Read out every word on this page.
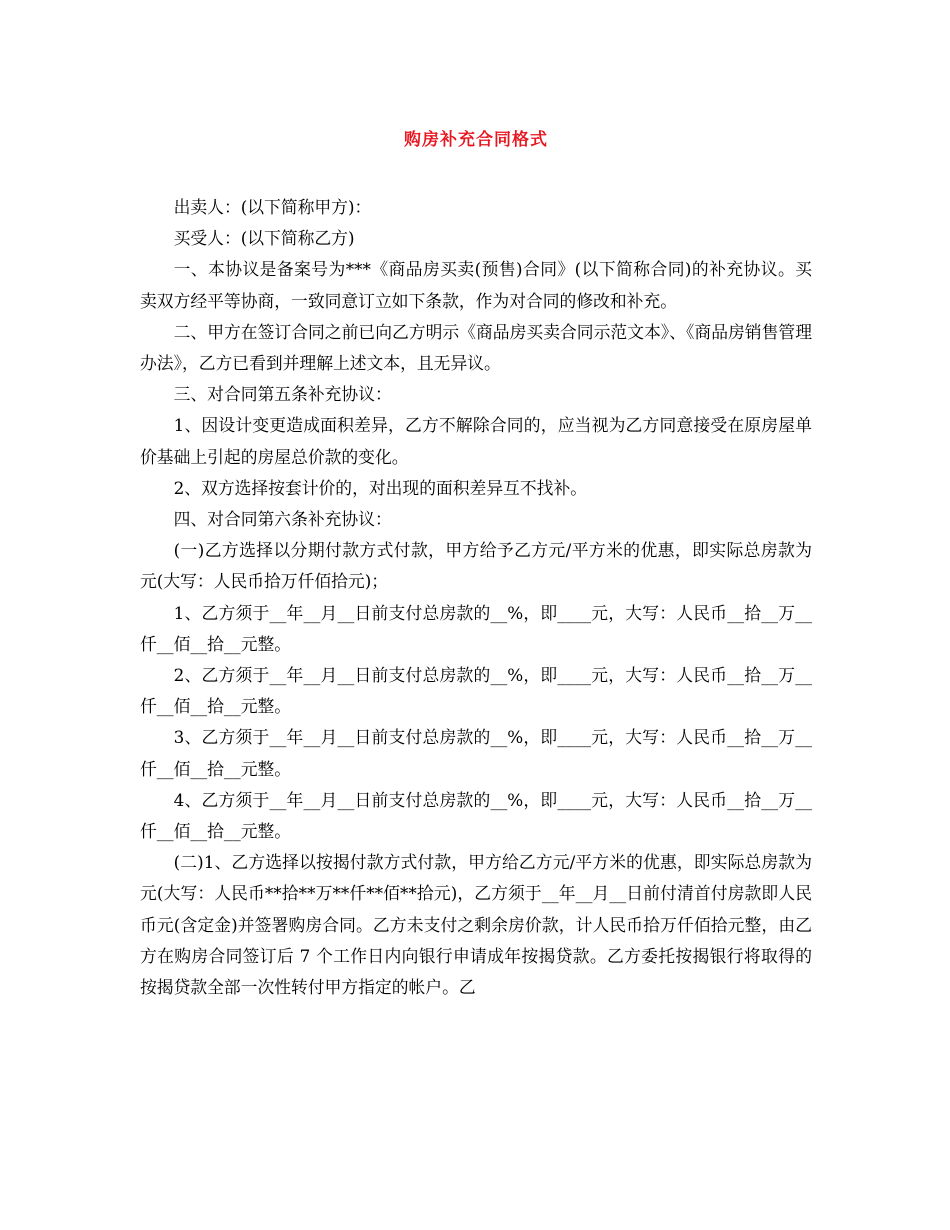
购房补充合同格式

出卖人：(以下简称甲方)：

买受人：(以下简称乙方)

一、本协议是备案号为***《商品房买卖(预售)合同》(以下简称合同)的补充协议。买卖双方经平等协商，一致同意订立如下条款，作为对合同的修改和补充。

二、甲方在签订合同之前已向乙方明示《商品房买卖合同示范文本》、《商品房销售管理办法》，乙方已看到并理解上述文本，且无异议。

三、对合同第五条补充协议：

1、因设计变更造成面积差异，乙方不解除合同的，应当视为乙方同意接受在原房屋单价基础上引起的房屋总价款的变化。

2、双方选择按套计价的，对出现的面积差异互不找补。

四、对合同第六条补充协议：

(一)乙方选择以分期付款方式付款，甲方给予乙方元/平方米的优惠，即实际总房款为元(大写：人民币拾万仟佰拾元)；

1、乙方须于__年__月__日前支付总房款的__%，即____元，大写：人民币__拾__万__仟__佰__拾__元整。

2、乙方须于__年__月__日前支付总房款的__%，即____元，大写：人民币__拾__万__仟__佰__拾__元整。

3、乙方须于__年__月__日前支付总房款的__%，即____元，大写：人民币__拾__万__仟__佰__拾__元整。

4、乙方须于__年__月__日前支付总房款的__%，即____元，大写：人民币__拾__万__仟__佰__拾__元整。

(二)1、乙方选择以按揭付款方式付款，甲方给乙方元/平方米的优惠，即实际总房款为元(大写：人民币**拾**万**仟**佰**拾元)，乙方须于__年__月__日前付清首付房款即人民币元(含定金)并签署购房合同。乙方未支付之剩余房价款，计人民币拾万仟佰拾元整，由乙方在购房合同签订后 7 个工作日内向银行申请成年按揭贷款。乙方委托按揭银行将取得的按揭贷款全部一次性转付甲方指定的帐户。乙
